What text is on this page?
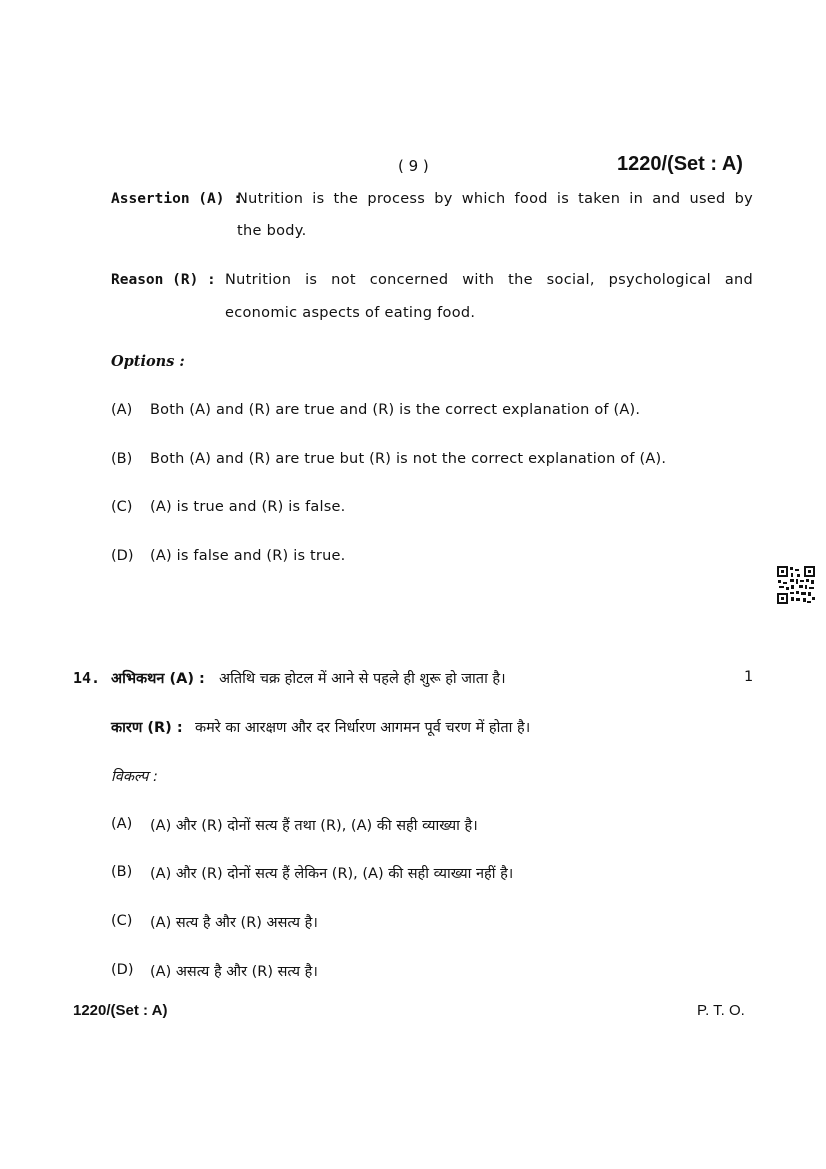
( 9 )	1220/(Set : A)
Assertion (A) :
Nutrition is the process by which food is taken in and used by
the body.
Reason (R) : Nutrition is not concerned with the social, psychological and
economic aspects of eating food.
Options :
(A) Both (A) and (R) are true and (R) is the correct explanation of (A).
(B) Both (A) and (R) are true but (R) is not the correct explanation of (A).
(C) (A) is true and (R) is false.
(D) (A) is false and (R) is true.
14. अभिकथन (A) : अतिथि चक्र होटल में आने से पहले ही शुरू हो जाता है।	1
कारण (R) : कमरे का आरक्षण और दर निर्धारण आगमन पूर्व चरण में होता है।
विकल्प :
(A) (A) और (R) दोनों सत्य हैं तथा (R), (A) की सही व्याख्या है।
(B) (A) और (R) दोनों सत्य हैं लेकिन (R), (A) की सही व्याख्या नहीं है।
(C) (A) सत्य है और (R) असत्य है।
(D) (A) असत्य है और (R) सत्य है।
1220/(Set : A)	P. T. O.
